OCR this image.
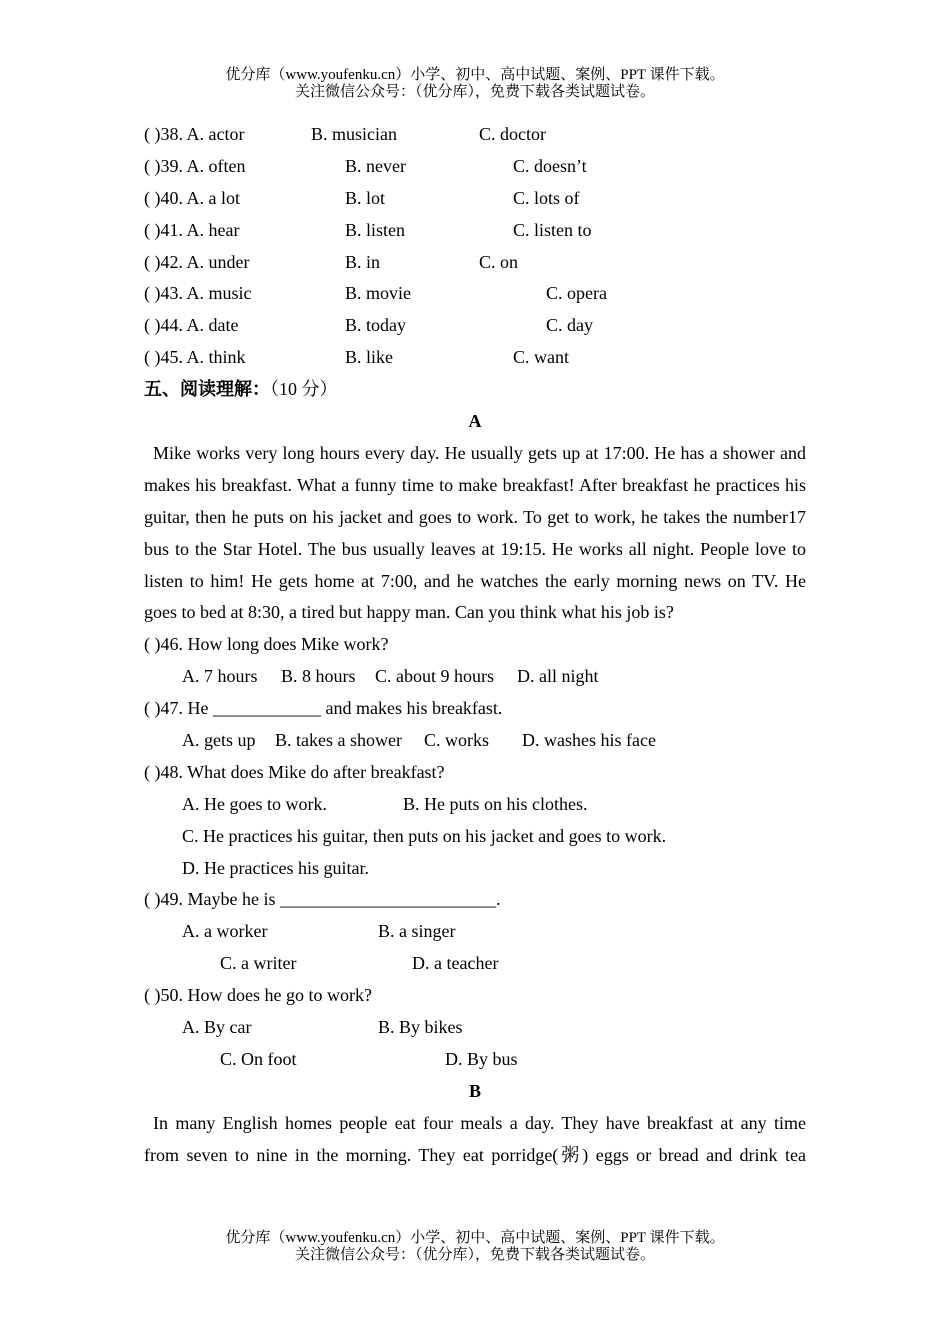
优分库（www.youfenku.cn）小学、初中、高中试题、案例、PPT 课件下载。
关注微信公众号：（优分库），免费下载各类试题试卷。
( )38. A. actor	B. musician	C. doctor
( )39. A. often	B. never	C. doesn’t
( )40. A. a lot	B. lot	C. lots of
( )41. A. hear	B. listen	C. listen to
( )42. A. under	B. in	C. on
( )43. A. music	B. movie	C. opera
( )44. A. date	B. today	C. day
( )45. A. think	B. like	C. want
五、阅读理解：（10 分）
A

Mike works very long hours every day. He usually gets up at 17:00. He has a shower and makes his breakfast. What a funny time to make breakfast! After breakfast he practices his guitar, then he puts on his jacket and goes to work. To get to work, he takes the number17 bus to the Star Hotel. The bus usually leaves at 19:15. He works all night. People love to listen to him! He gets home at 7:00, and he watches the early morning news on TV. He goes to bed at 8:30, a tired but happy man. Can you think what his job is?

( )46. How long does Mike work?
A. 7 hours B. 8 hours C. about 9 hours D. all night
( )47. He ____________ and makes his breakfast.
A. gets up B. takes a shower C. works D. washes his face
( )48. What does Mike do after breakfast?
A. He goes to work.	B. He puts on his clothes.
C. He practices his guitar, then puts on his jacket and goes to work.
D. He practices his guitar.
( )49. Maybe he is ________________________.
A. a worker	B. a singer
C. a writer	D. a teacher
( )50. How does he go to work?
A. By car	B. By bikes
C. On foot	D. By bus
B

In many English homes people eat four meals a day. They have breakfast at any time

from seven to nine in the morning. They eat porridge(粥) eggs or bread and drink tea

优分库（www.youfenku.cn）小学、初中、高中试题、案例、PPT 课件下载。
关注微信公众号：（优分库），免费下载各类试题试卷。
